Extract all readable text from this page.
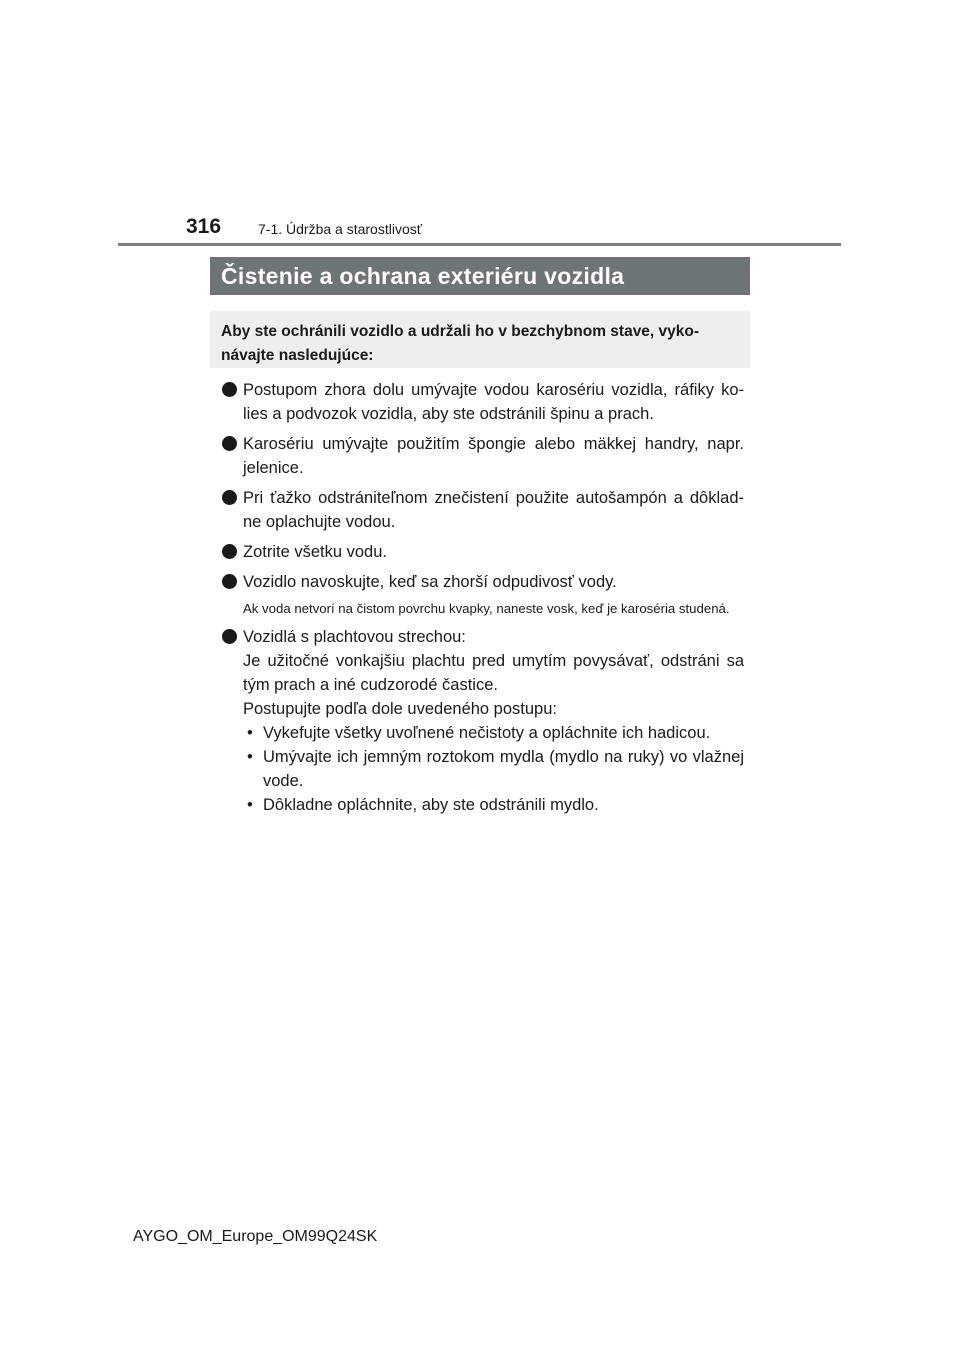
316	7-1. Údržba a starostlivosť
Čistenie a ochrana exteriéru vozidla
Aby ste ochránili vozidlo a udržali ho v bezchybnom stave, vyko-návajte nasledujúce:
Postupom zhora dolu umývajte vodou karosériu vozidla, ráfiky ko-lies a podvozok vozidla, aby ste odstránili špinu a prach.
Karosériu umývajte použitím špongie alebo mäkkej handry, napr. jelenice.
Pri ťažko odstrániteľnom znečistení použite autošampón a dôklad-ne oplachujte vodou.
Zotrite všetku vodu.
Vozidlo navoskujte, keď sa zhorší odpudivosť vody.
Ak voda netvorí na čistom povrchu kvapky, naneste vosk, keď je karoséria studená.
Vozidlá s plachtovou strechou:
Je užitočné vonkajšiu plachtu pred umytím povysávať, odstráni sa tým prach a iné cudzorodé častice.
Postupujte podľa dole uvedeného postupu:
• Vykefujte všetky uvoľnené nečistoty a opláchnite ich hadicou.
• Umývajte ich jemným roztokom mydla (mydlo na ruky) vo vlažnej vode.
• Dôkladne opláchnite, aby ste odstránili mydlo.
AYGO_OM_Europe_OM99Q24SK
